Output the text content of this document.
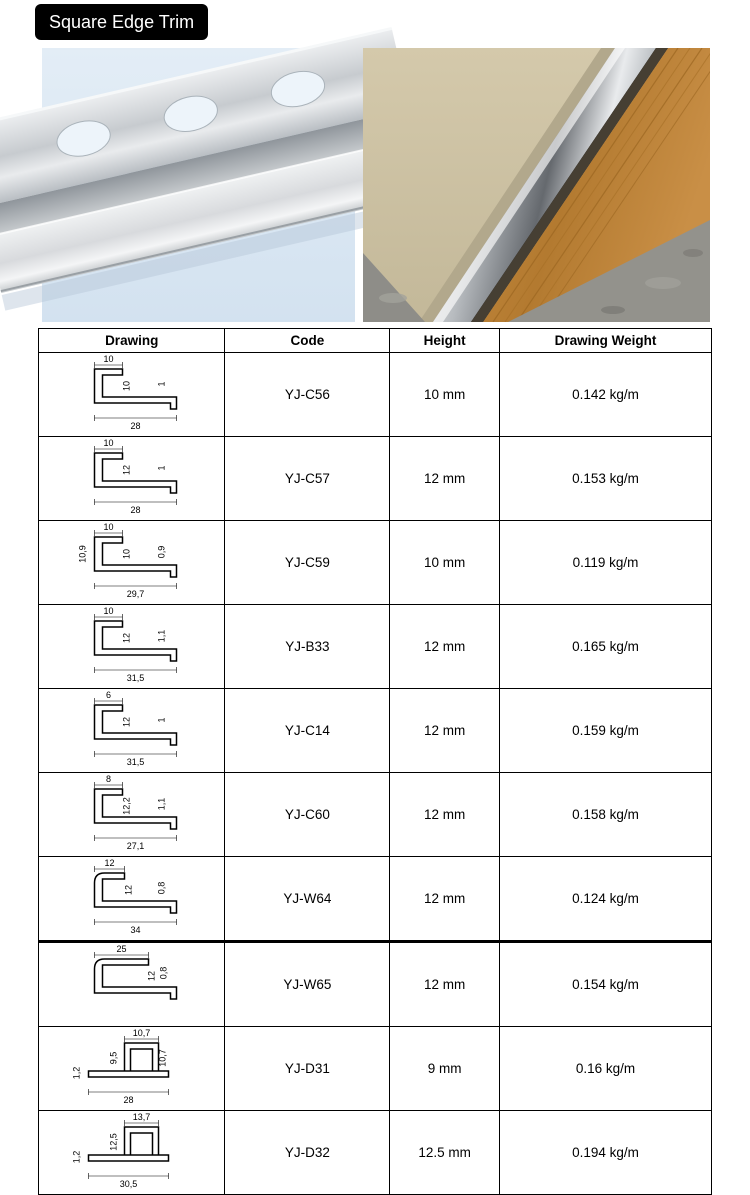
Square Edge Trim
Drawing	Code	Height	Drawing Weight

10
28
10 1	YJ-C56	10 mm	0.142 kg/m

10
28
12 1	YJ-C57	12 mm	0.153 kg/m

10
29,7
10 0,9
10,9	YJ-C59	10 mm	0.119 kg/m

10
31,5
12 1,1	YJ-B33	12 mm	0.165 kg/m

6
31,5
12 1	YJ-C14	12 mm	0.159 kg/m

8
27,1
12,2 1,1	YJ-C60	12 mm	0.158 kg/m

12
34
12 0,8	YJ-W64	12 mm	0.124 kg/m

25
12 0,8	YJ-W65	12 mm	0.154 kg/m

10,7
28
10,7
1,2
9,5	YJ-D31	9 mm	0.16 kg/m

13,7
30,5
1,2
12,5	YJ-D32	12.5 mm	0.194 kg/m
